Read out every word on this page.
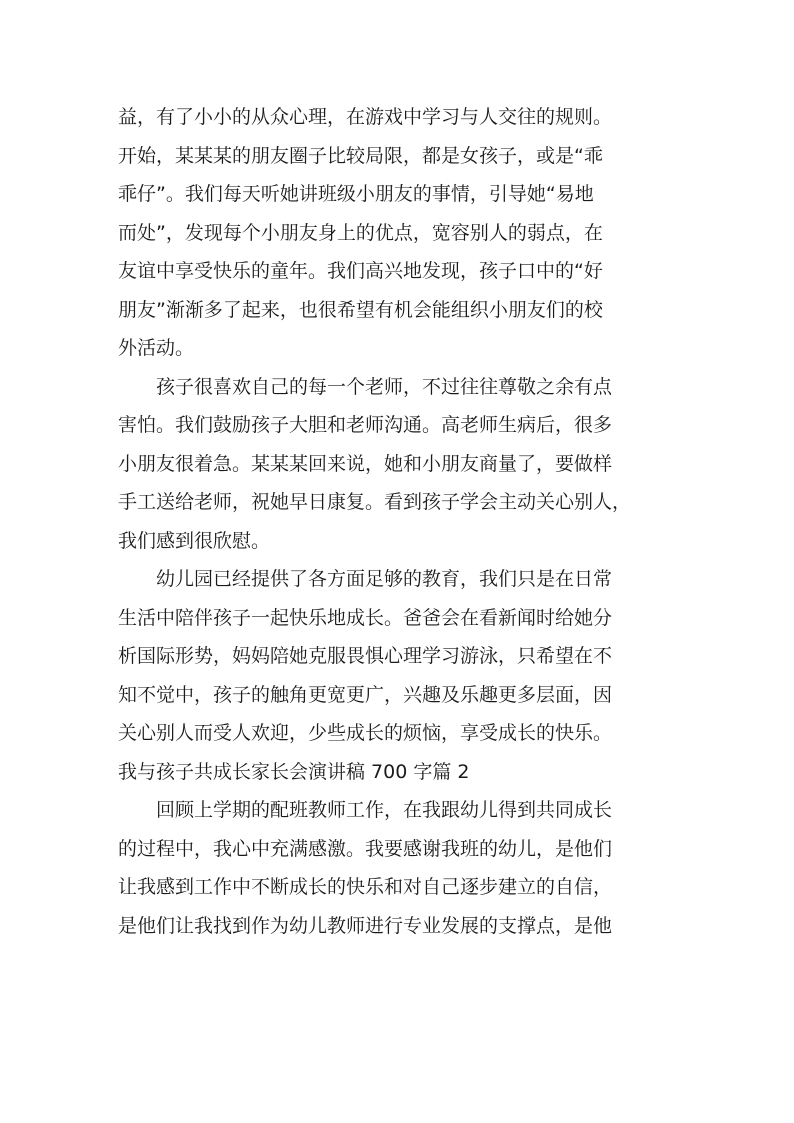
益，有了小小的从众心理，在游戏中学习与人交往的规则。
开始，某某某的朋友圈子比较局限，都是女孩子，或是“乖
乖仔”。我们每天听她讲班级小朋友的事情，引导她“易地
而处”，发现每个小朋友身上的优点，宽容别人的弱点，在
友谊中享受快乐的童年。我们高兴地发现，孩子口中的“好
朋友”渐渐多了起来，也很希望有机会能组织小朋友们的校
外活动。
孩子很喜欢自己的每一个老师，不过往往尊敬之余有点
害怕。我们鼓励孩子大胆和老师沟通。高老师生病后，很多
小朋友很着急。某某某回来说，她和小朋友商量了，要做样
手工送给老师，祝她早日康复。看到孩子学会主动关心别人，
我们感到很欣慰。
幼儿园已经提供了各方面足够的教育，我们只是在日常
生活中陪伴孩子一起快乐地成长。爸爸会在看新闻时给她分
析国际形势，妈妈陪她克服畏惧心理学习游泳，只希望在不
知不觉中，孩子的触角更宽更广，兴趣及乐趣更多层面，因
关心别人而受人欢迎，少些成长的烦恼，享受成长的快乐。
我与孩子共成长家长会演讲稿 700 字篇 2
回顾上学期的配班教师工作，在我跟幼儿得到共同成长
的过程中，我心中充满感激。我要感谢我班的幼儿，是他们
让我感到工作中不断成长的快乐和对自己逐步建立的自信，
是他们让我找到作为幼儿教师进行专业发展的支撑点，是他
